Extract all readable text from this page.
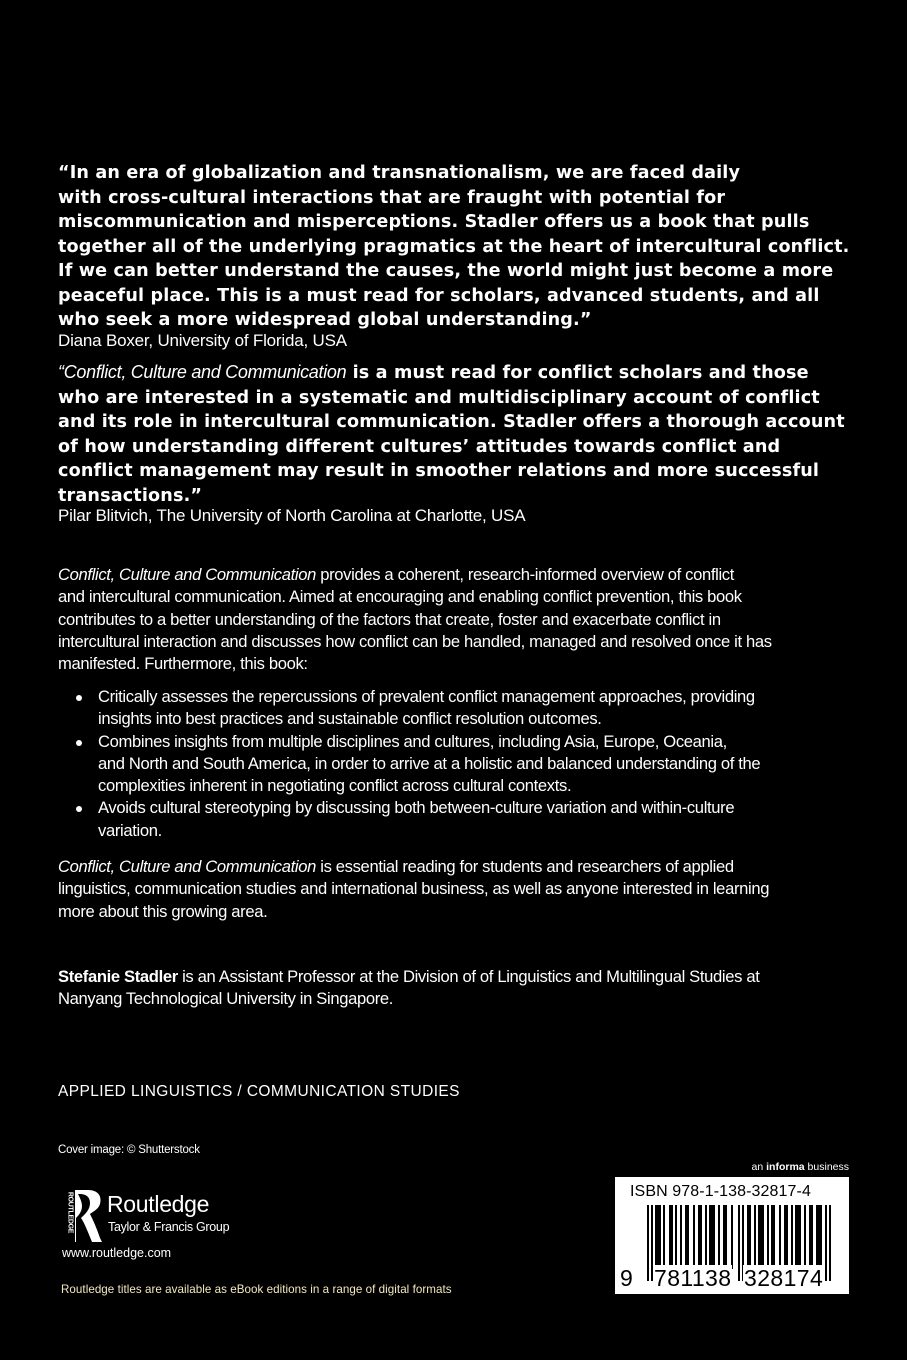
“In an era of globalization and transnationalism, we are faced daily
with cross-cultural interactions that are fraught with potential for
miscommunication and misperceptions. Stadler offers us a book that pulls
together all of the underlying pragmatics at the heart of intercultural conflict.
If we can better understand the causes, the world might just become a more
peaceful place. This is a must read for scholars, advanced students, and all
who seek a more widespread global understanding.”
Diana Boxer, University of Florida, USA
“Conflict, Culture and Communication is a must read for conflict scholars and those
who are interested in a systematic and multidisciplinary account of conflict
and its role in intercultural communication. Stadler offers a thorough account
of how understanding different cultures’ attitudes towards conflict and
conflict management may result in smoother relations and more successful
transactions.”
Pilar Blitvich, The University of North Carolina at Charlotte, USA
Conflict, Culture and Communication provides a coherent, research-informed overview of conflict
and intercultural communication. Aimed at encouraging and enabling conflict prevention, this book
contributes to a better understanding of the factors that create, foster and exacerbate conflict in
intercultural interaction and discusses how conflict can be handled, managed and resolved once it has
manifested. Furthermore, this book:
Critically assesses the repercussions of prevalent conflict management approaches, providing
insights into best practices and sustainable conflict resolution outcomes.
Combines insights from multiple disciplines and cultures, including Asia, Europe, Oceania,
and North and South America, in order to arrive at a holistic and balanced understanding of the
complexities inherent in negotiating conflict across cultural contexts.
Avoids cultural stereotyping by discussing both between-culture variation and within-culture
variation.
Conflict, Culture and Communication is essential reading for students and researchers of applied
linguistics, communication studies and international business, as well as anyone interested in learning
more about this growing area.
Stefanie Stadler is an Assistant Professor at the Division of of Linguistics and Multilingual Studies at
Nanyang Technological University in Singapore.
APPLIED LINGUISTICS / COMMUNICATION STUDIES
Cover image: © Shutterstock
ROUTLEDGE Routledge
Taylor & Francis Group
www.routledge.com
Routledge titles are available as eBook editions in a range of digital formats
an informa business
ISBN 978-1-138-32817-4
9 781138 328174
